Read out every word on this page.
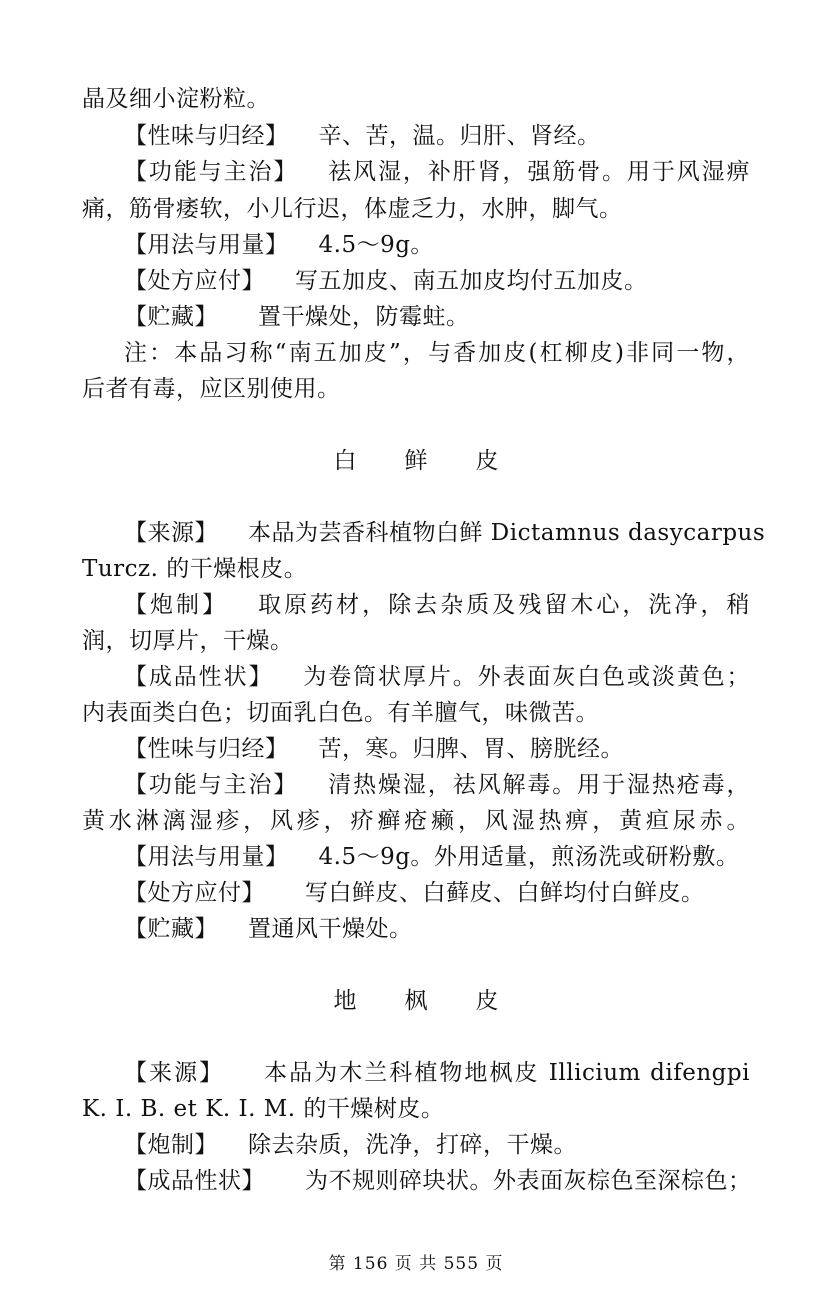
晶及细小淀粉粒。
【性味与归经】 辛、苦，温。归肝、肾经。
【功能与主治】 祛风湿，补肝肾，强筋骨。用于风湿痹
痛，筋骨痿软，小儿行迟，体虚乏力，水肿，脚气。
【用法与用量】 4.5～9g。
【处方应付】 写五加皮、南五加皮均付五加皮。
【贮藏】 置干燥处，防霉蛀。
注：本品习称“南五加皮”，与香加皮(杠柳皮)非同一物，
后者有毒，应区别使用。
白 鲜 皮
【来源】 本品为芸香科植物白鲜 Dictamnus dasycarpus
Turcz. 的干燥根皮。
【炮制】 取原药材，除去杂质及残留木心，洗净，稍
润，切厚片，干燥。
【成品性状】 为卷筒状厚片。外表面灰白色或淡黄色；
内表面类白色；切面乳白色。有羊膻气，味微苦。
【性味与归经】 苦，寒。归脾、胃、膀胱经。
【功能与主治】 清热燥湿，祛风解毒。用于湿热疮毒，
黄水淋漓湿疹，风疹，疥癣疮癞，风湿热痹，黄疸尿赤。
【用法与用量】 4.5～9g。外用适量，煎汤洗或研粉敷。
【处方应付】 写白鲜皮、白藓皮、白鲜均付白鲜皮。
【贮藏】 置通风干燥处。
地 枫 皮
【来源】 本品为木兰科植物地枫皮 Illicium difengpi
K. I. B. et K. I. M. 的干燥树皮。
【炮制】 除去杂质，洗净，打碎，干燥。
【成品性状】 为不规则碎块状。外表面灰棕色至深棕色；
第 156 页 共 555 页
